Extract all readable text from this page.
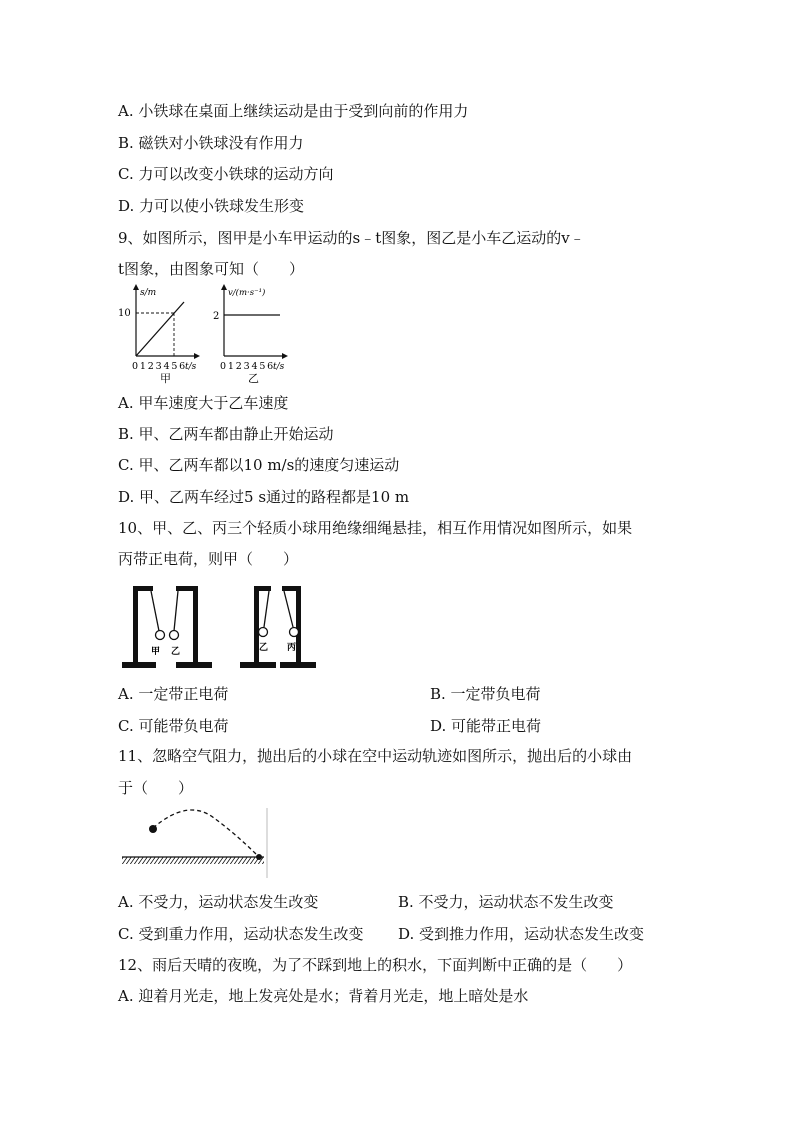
A. 小铁球在桌面上继续运动是由于受到向前的作用力
B. 磁铁对小铁球没有作用力
C. 力可以改变小铁球的运动方向
D. 力可以使小铁球发生形变
9、如图所示，图甲是小车甲运动的s﹣t图象，图乙是小车乙运动的v﹣
t图象，由图象可知（　　）
s/m
10
0 1 2 3 4 5 6 t/s
甲
v/(m·s⁻¹)
2
0 1 2 3 4 5 6 t/s
乙
A. 甲车速度大于乙车速度
B. 甲、乙两车都由静止开始运动
C. 甲、乙两车都以10 m/s的速度匀速运动
D. 甲、乙两车经过5 s通过的路程都是10 m
10、甲、乙、丙三个轻质小球用绝缘细绳悬挂，相互作用情况如图所示，如果
丙带正电荷，则甲（　　）
甲 乙	乙 丙
A. 一定带正电荷	B. 一定带负电荷
C. 可能带负电荷	D. 可能带正电荷
11、忽略空气阻力，抛出后的小球在空中运动轨迹如图所示，抛出后的小球由
于（　　）
A. 不受力，运动状态发生改变	B. 不受力，运动状态不发生改变
C. 受到重力作用，运动状态发生改变 D. 受到推力作用，运动状态发生改变
12、雨后天晴的夜晚，为了不踩到地上的积水，下面判断中正确的是（　　）
A. 迎着月光走，地上发亮处是水；背着月光走，地上暗处是水
